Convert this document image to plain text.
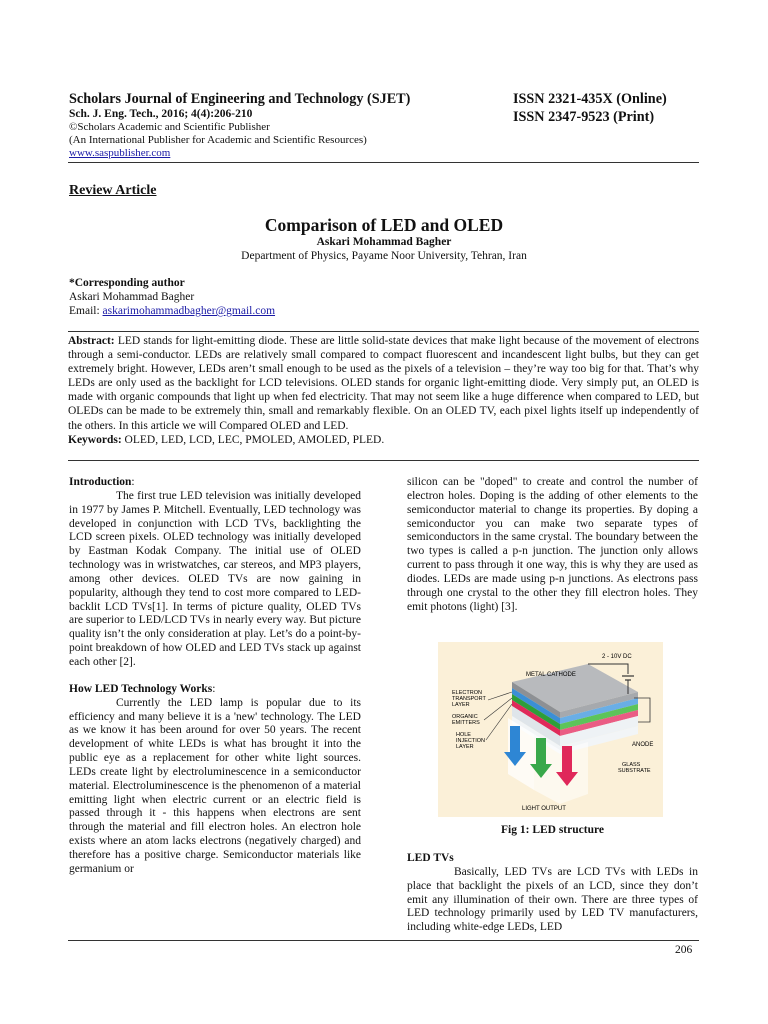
Scholars Journal of Engineering and Technology (SJET)
Sch. J. Eng. Tech., 2016; 4(4):206-210
©Scholars Academic and Scientific Publisher
(An International Publisher for Academic and Scientific Resources)
www.saspublisher.com
ISSN 2321-435X (Online)
ISSN 2347-9523 (Print)
Review Article
Comparison of LED and OLED
Askari Mohammad Bagher
Department of Physics, Payame Noor University, Tehran, Iran
*Corresponding author
Askari Mohammad Bagher
Email: askarimohammadbagher@gmail.com

Abstract: LED stands for light-emitting diode. These are little solid-state devices that make light because of the movement of electrons through a semi-conductor. LEDs are relatively small compared to compact fluorescent and incandescent light bulbs, but they can get extremely bright. However, LEDs aren’t small enough to be used as the pixels of a television – they’re way too big for that. That’s why LEDs are only used as the backlight for LCD televisions. OLED stands for organic light-emitting diode. Very simply put, an OLED is made with organic compounds that light up when fed electricity. That may not seem like a huge difference when compared to LED, but OLEDs can be made to be extremely thin, small and remarkably flexible. On an OLED TV, each pixel lights itself up independently of the others. In this article we will Compared OLED and LED.

Keywords: OLED, LED, LCD, LEC, PMOLED, AMOLED, PLED.

Introduction:

The first true LED television was initially developed in 1977 by James P. Mitchell. Eventually, LED technology was developed in conjunction with LCD TVs, backlighting the LCD screen pixels. OLED technology was initially developed by Eastman Kodak Company. The initial use of OLED technology was in wristwatches, car stereos, and MP3 players, among other devices. OLED TVs are now gaining in popularity, although they tend to cost more compared to LED-backlit LCD TVs[1]. In terms of picture quality, OLED TVs are superior to LED/LCD TVs in nearly every way. But picture quality isn’t the only consideration at play. Let’s do a point-by-point breakdown of how OLED and LED TVs stack up against each other [2].

How LED Technology Works:

Currently the LED lamp is popular due to its efficiency and many believe it is a 'new' technology. The LED as we know it has been around for over 50 years. The recent development of white LEDs is what has brought it into the public eye as a replacement for other white light sources. LEDs create light by electroluminescence in a semiconductor material. Electroluminescence is the phenomenon of a material emitting light when electric current or an electric field is passed through it - this happens when electrons are sent through the material and fill electron holes. An electron hole exists where an atom lacks electrons (negatively charged) and therefore has a positive charge. Semiconductor materials like germanium or

silicon can be "doped" to create and control the number of electron holes. Doping is the adding of other elements to the semiconductor material to change its properties. By doping a semiconductor you can make two separate types of semiconductors in the same crystal. The boundary between the two types is called a p-n junction. The junction only allows current to pass through it one way, this is why they are used as diodes. LEDs are made using p-n junctions. As electrons pass through one crystal to the other they fill electron holes. They emit photons (light) [3].

METAL CATHODE
2 - 10V DC
ELECTRON TRANSPORT LAYER
ORGANIC EMITTERS
HOLE INJECTION LAYER	ANODE
GLASS SUBSTRATE
LIGHT OUTPUT
Fig 1: LED structure

LED TVs

Basically, LED TVs are LCD TVs with LEDs in place that backlight the pixels of an LCD, since they don’t emit any illumination of their own. There are three types of LED technology primarily used by LED TV manufacturers, including white-edge LEDs, LED

206
